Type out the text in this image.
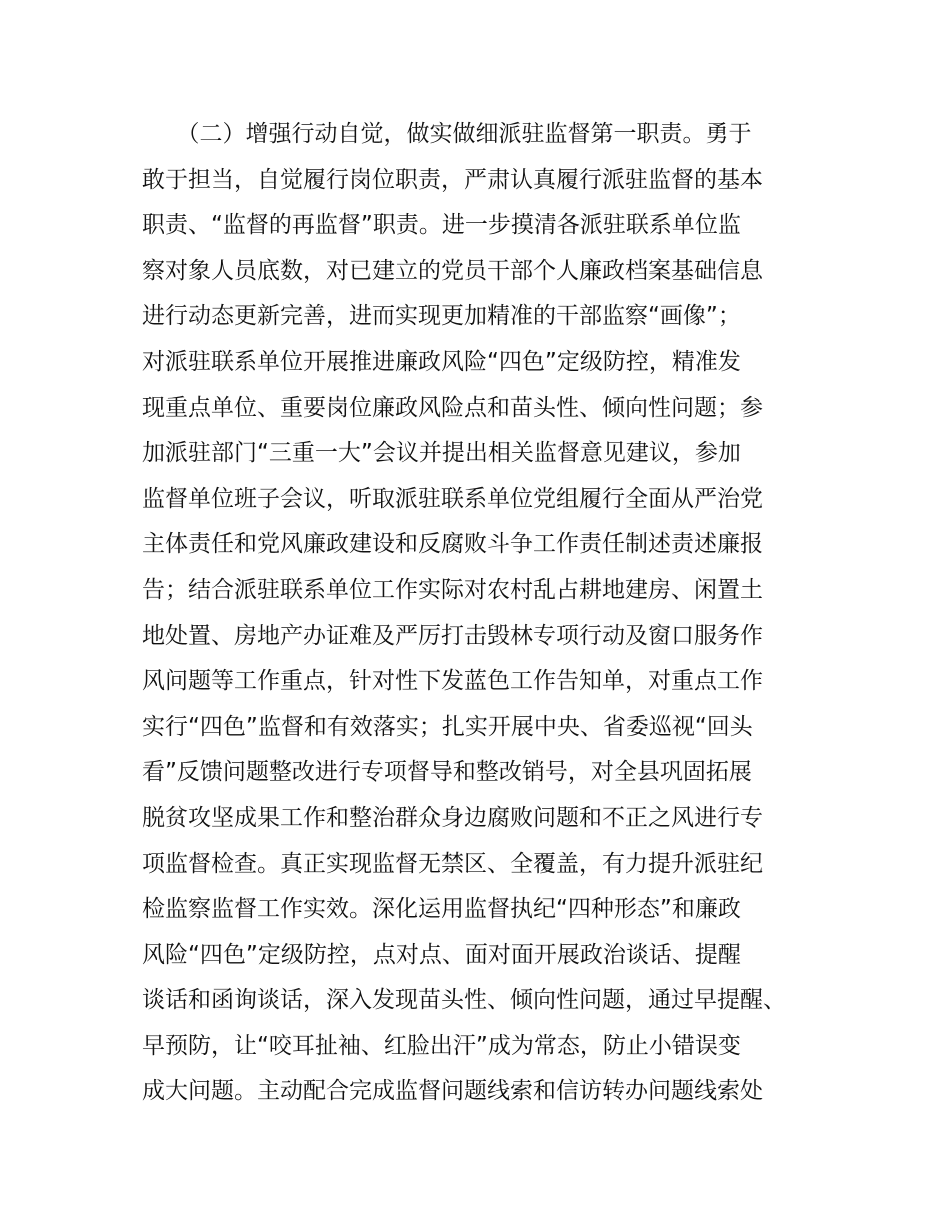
　　（二）增强行动自觉，做实做细派驻监督第一职责。勇于
敢于担当，自觉履行岗位职责，严肃认真履行派驻监督的基本
职责、“监督的再监督”职责。进一步摸清各派驻联系单位监
察对象人员底数，对已建立的党员干部个人廉政档案基础信息
进行动态更新完善，进而实现更加精准的干部监察“画像”；
对派驻联系单位开展推进廉政风险“四色”定级防控，精准发
现重点单位、重要岗位廉政风险点和苗头性、倾向性问题；参
加派驻部门“三重一大”会议并提出相关监督意见建议，参加
监督单位班子会议，听取派驻联系单位党组履行全面从严治党
主体责任和党风廉政建设和反腐败斗争工作责任制述责述廉报
告；结合派驻联系单位工作实际对农村乱占耕地建房、闲置土
地处置、房地产办证难及严厉打击毁林专项行动及窗口服务作
风问题等工作重点，针对性下发蓝色工作告知单，对重点工作
实行“四色”监督和有效落实；扎实开展中央、省委巡视“回头
看”反馈问题整改进行专项督导和整改销号，对全县巩固拓展
脱贫攻坚成果工作和整治群众身边腐败问题和不正之风进行专
项监督检查。真正实现监督无禁区、全覆盖，有力提升派驻纪
检监察监督工作实效。深化运用监督执纪“四种形态”和廉政
风险“四色”定级防控，点对点、面对面开展政治谈话、提醒
谈话和函询谈话，深入发现苗头性、倾向性问题，通过早提醒、
早预防，让“咬耳扯袖、红脸出汗”成为常态，防止小错误变
成大问题。主动配合完成监督问题线索和信访转办问题线索处
